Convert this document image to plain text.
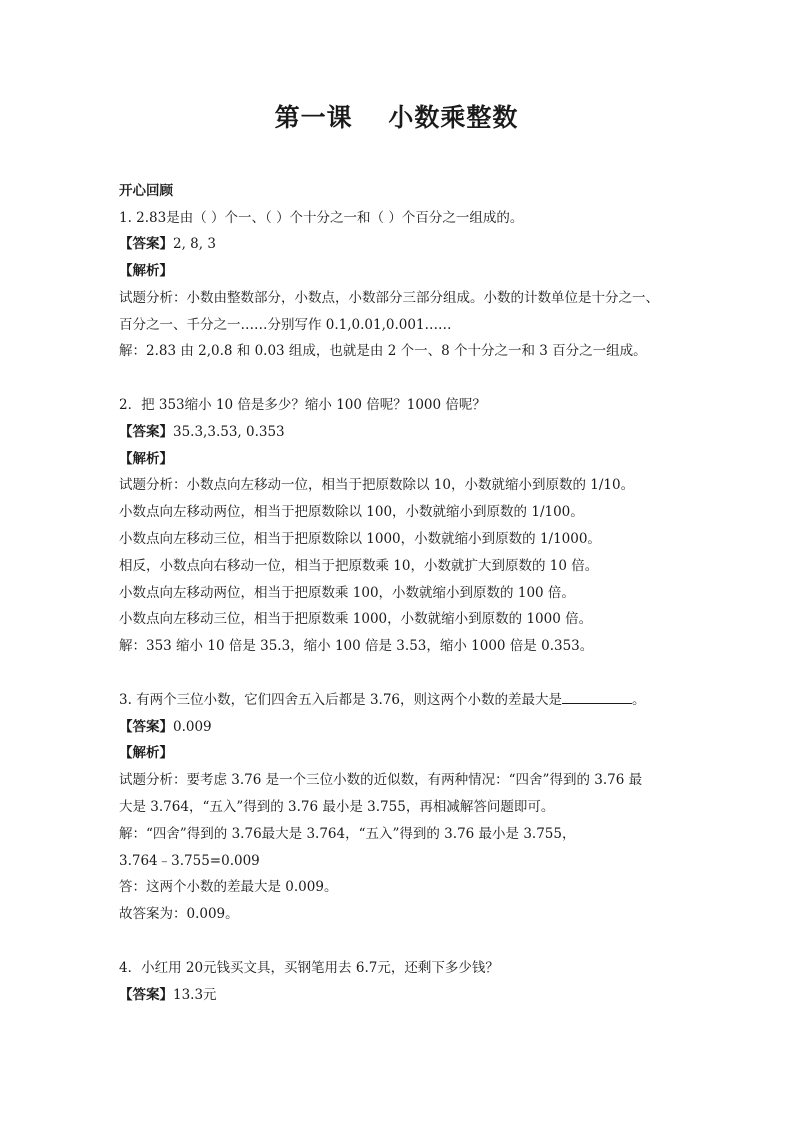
第一课　 小数乘整数
开心回顾
1. 2.83是由（ ）个一、（ ）个十分之一和（ ）个百分之一组成的。
【答案】2, 8, 3
【解析】
试题分析：小数由整数部分，小数点，小数部分三部分组成。小数的计数单位是十分之一、
百分之一、千分之一……分别写作 0.1,0.01,0.001……
解：2.83 由 2,0.8 和 0.03 组成，也就是由 2 个一、8 个十分之一和 3 百分之一组成。
2．把 353缩小 10 倍是多少？缩小 100 倍呢？1000 倍呢？
【答案】35.3,3.53, 0.353
【解析】
试题分析：小数点向左移动一位，相当于把原数除以 10，小数就缩小到原数的 1/10。
小数点向左移动两位，相当于把原数除以 100，小数就缩小到原数的 1/100。
小数点向左移动三位，相当于把原数除以 1000，小数就缩小到原数的 1/1000。
相反，小数点向右移动一位，相当于把原数乘 10，小数就扩大到原数的 10 倍。
小数点向左移动两位，相当于把原数乘 100，小数就缩小到原数的 100 倍。
小数点向左移动三位，相当于把原数乘 1000，小数就缩小到原数的 1000 倍。
解：353 缩小 10 倍是 35.3，缩小 100 倍是 3.53，缩小 1000 倍是 0.353。
3. 有两个三位小数，它们四舍五入后都是 3.76，则这两个小数的差最大是	。
【答案】0.009
【解析】
试题分析：要考虑 3.76 是一个三位小数的近似数，有两种情况：“四舍”得到的 3.76 最
大是 3.764，“五入”得到的 3.76 最小是 3.755，再相减解答问题即可。
解：“四舍”得到的 3.76最大是 3.764，“五入”得到的 3.76 最小是 3.755，
3.764﹣3.755=0.009
答：这两个小数的差最大是 0.009。
故答案为：0.009。
4．小红用 20元钱买文具，买钢笔用去 6.7元，还剩下多少钱？
【答案】13.3元
